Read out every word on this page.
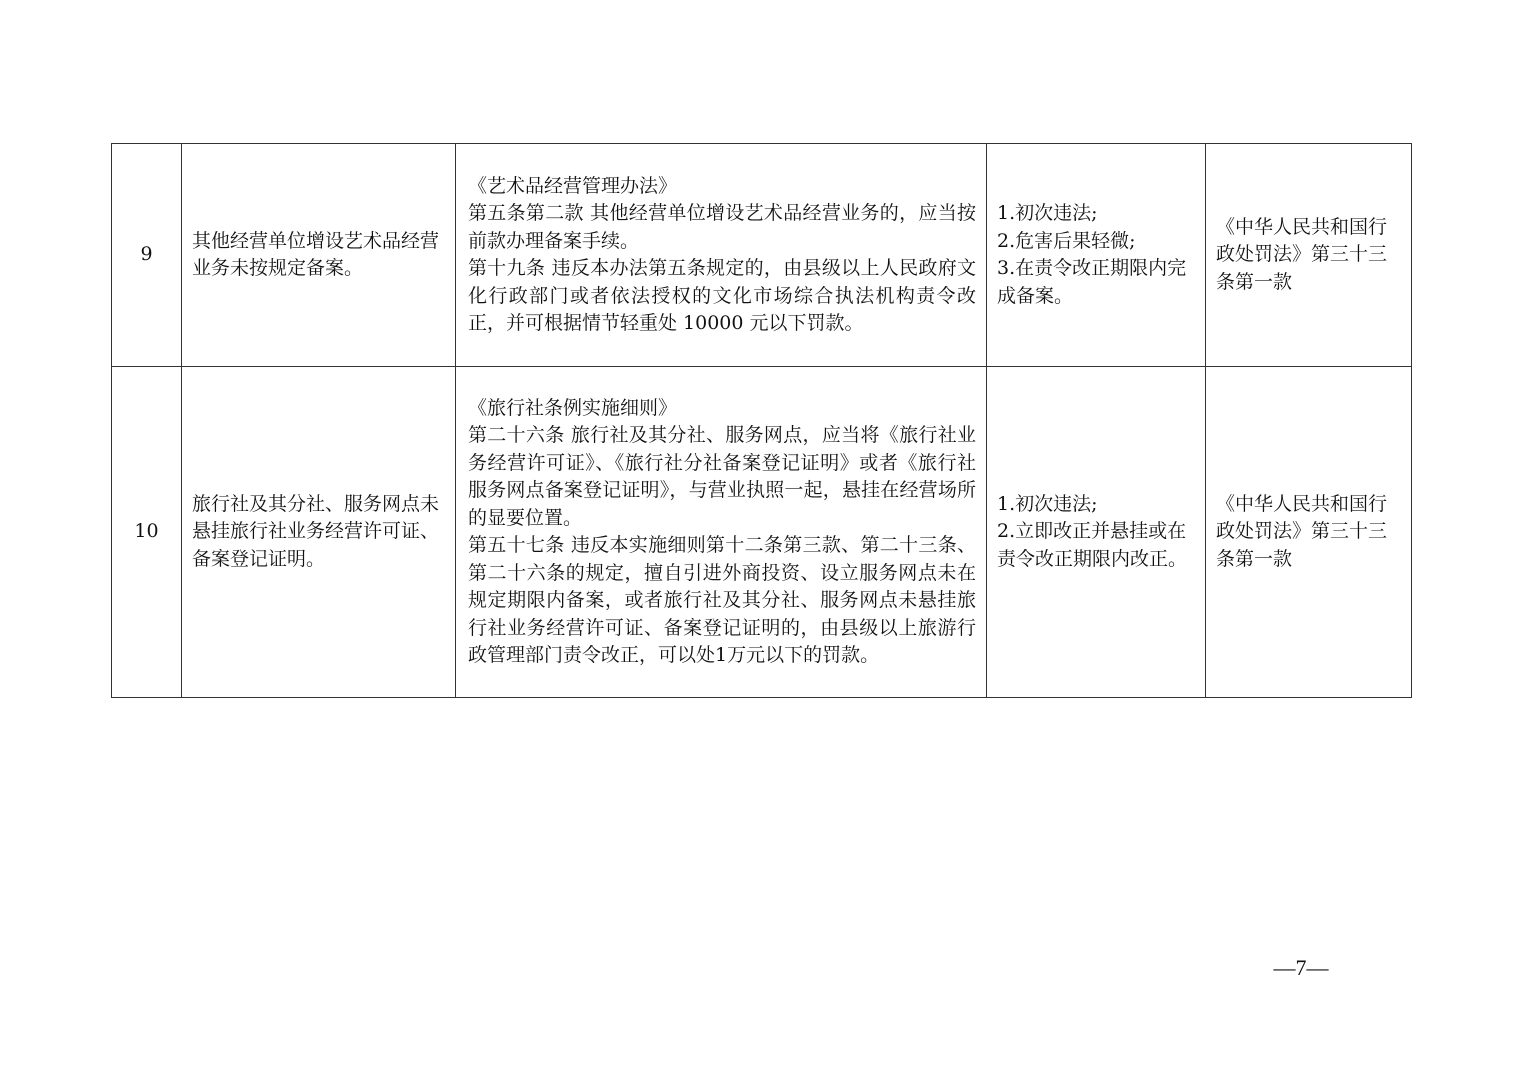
9	其他经营单位增设艺术品经营业务未按规定备案。	《艺术品经营管理办法》
第五条第二款 其他经营单位增设艺术品经营业务的，应当按前款办理备案手续。
第十九条 违反本办法第五条规定的，由县级以上人民政府文化行政部门或者依法授权的文化市场综合执法机构责令改正，并可根据情节轻重处 10000 元以下罚款。	1.初次违法;
2.危害后果轻微;
3.在责令改正期限内完成备案。	《中华人民共和国行政处罚法》第三十三条第一款
10	旅行社及其分社、服务网点未悬挂旅行社业务经营许可证、备案登记证明。	《旅行社条例实施细则》
第二十六条 旅行社及其分社、服务网点，应当将《旅行社业务经营许可证》、《旅行社分社备案登记证明》或者《旅行社服务网点备案登记证明》，与营业执照一起，悬挂在经营场所的显要位置。
第五十七条 违反本实施细则第十二条第三款、第二十三条、第二十六条的规定，擅自引进外商投资、设立服务网点未在规定期限内备案，或者旅行社及其分社、服务网点未悬挂旅行社业务经营许可证、备案登记证明的，由县级以上旅游行政管理部门责令改正，可以处1万元以下的罚款。	1.初次违法;
2.立即改正并悬挂或在责令改正期限内改正。	《中华人民共和国行政处罚法》第三十三条第一款
—7—
